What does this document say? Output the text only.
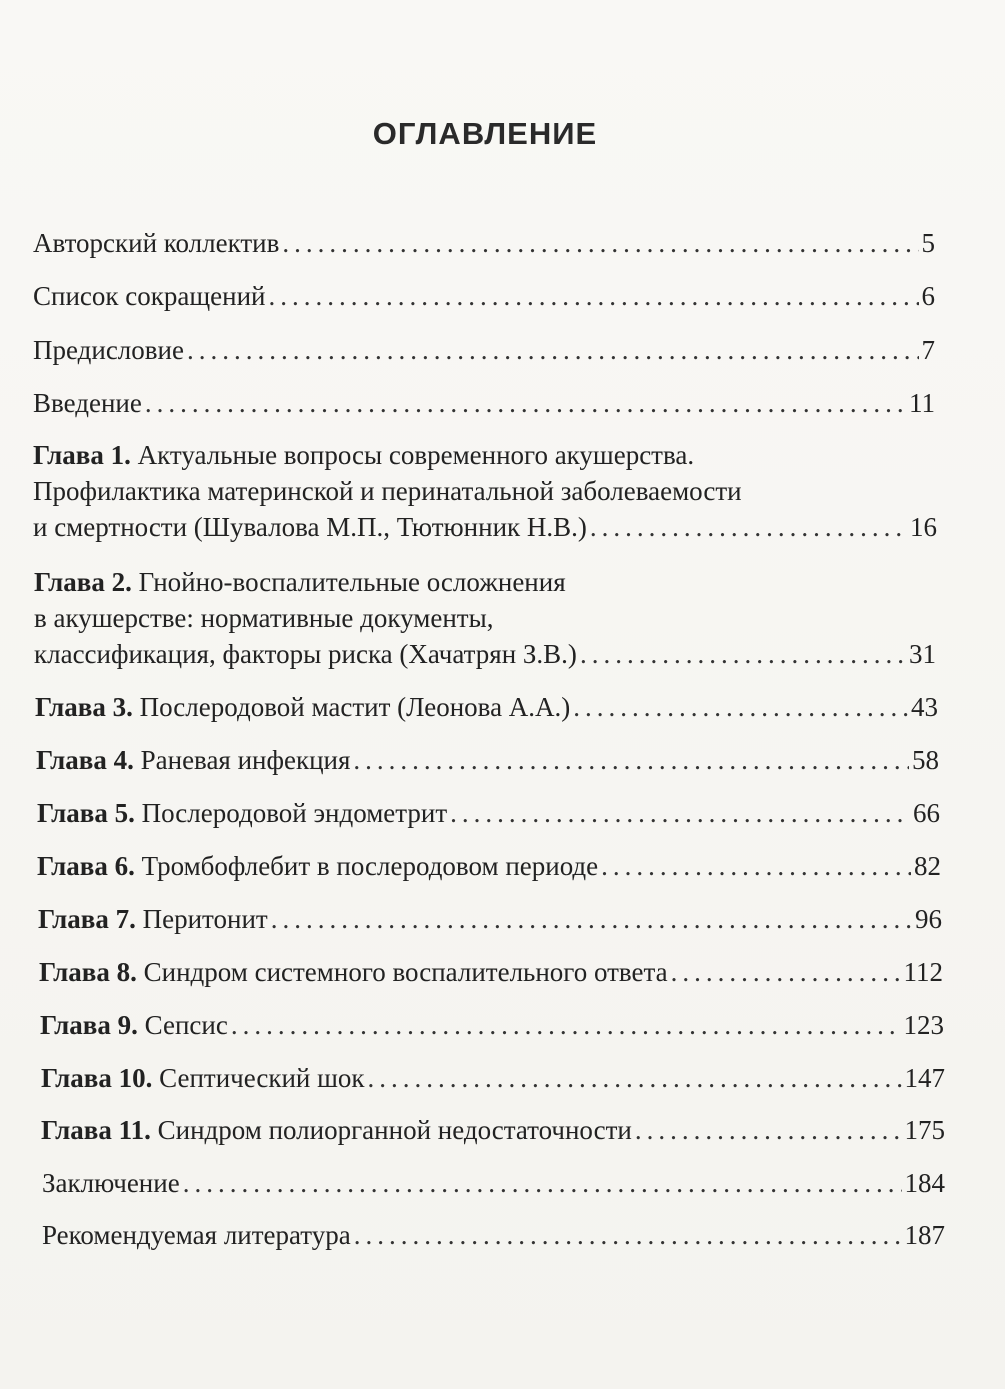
ОГЛАВЛЕНИЕ
Авторский коллектив .....	5
Список сокращений .....	6
Предисловие .....	7
Введение .....	11
Глава 1. Актуальные вопросы современного акушерства.
Профилактика материнской и перинатальной заболеваемости
и смертности (Шувалова М.П., Тютюнник Н.В.) .....	16
Глава 2. Гнойно-воспалительные осложнения
в акушерстве: нормативные документы,
классификация, факторы риска (Хачатрян З.В.) .....	31
Глава 3. Послеродовой мастит (Леонова А.А.) .....	43
Глава 4. Раневая инфекция .....	58
Глава 5. Послеродовой эндометрит .....	66
Глава 6. Тромбофлебит в послеродовом периоде .....	82
Глава 7. Перитонит .....	96
Глава 8. Синдром системного воспалительного ответа .....	112
Глава 9. Сепсис .....	123
Глава 10. Септический шок .....	147
Глава 11. Синдром полиорганной недостаточности .....	175
Заключение .....	184
Рекомендуемая литература .....	187
